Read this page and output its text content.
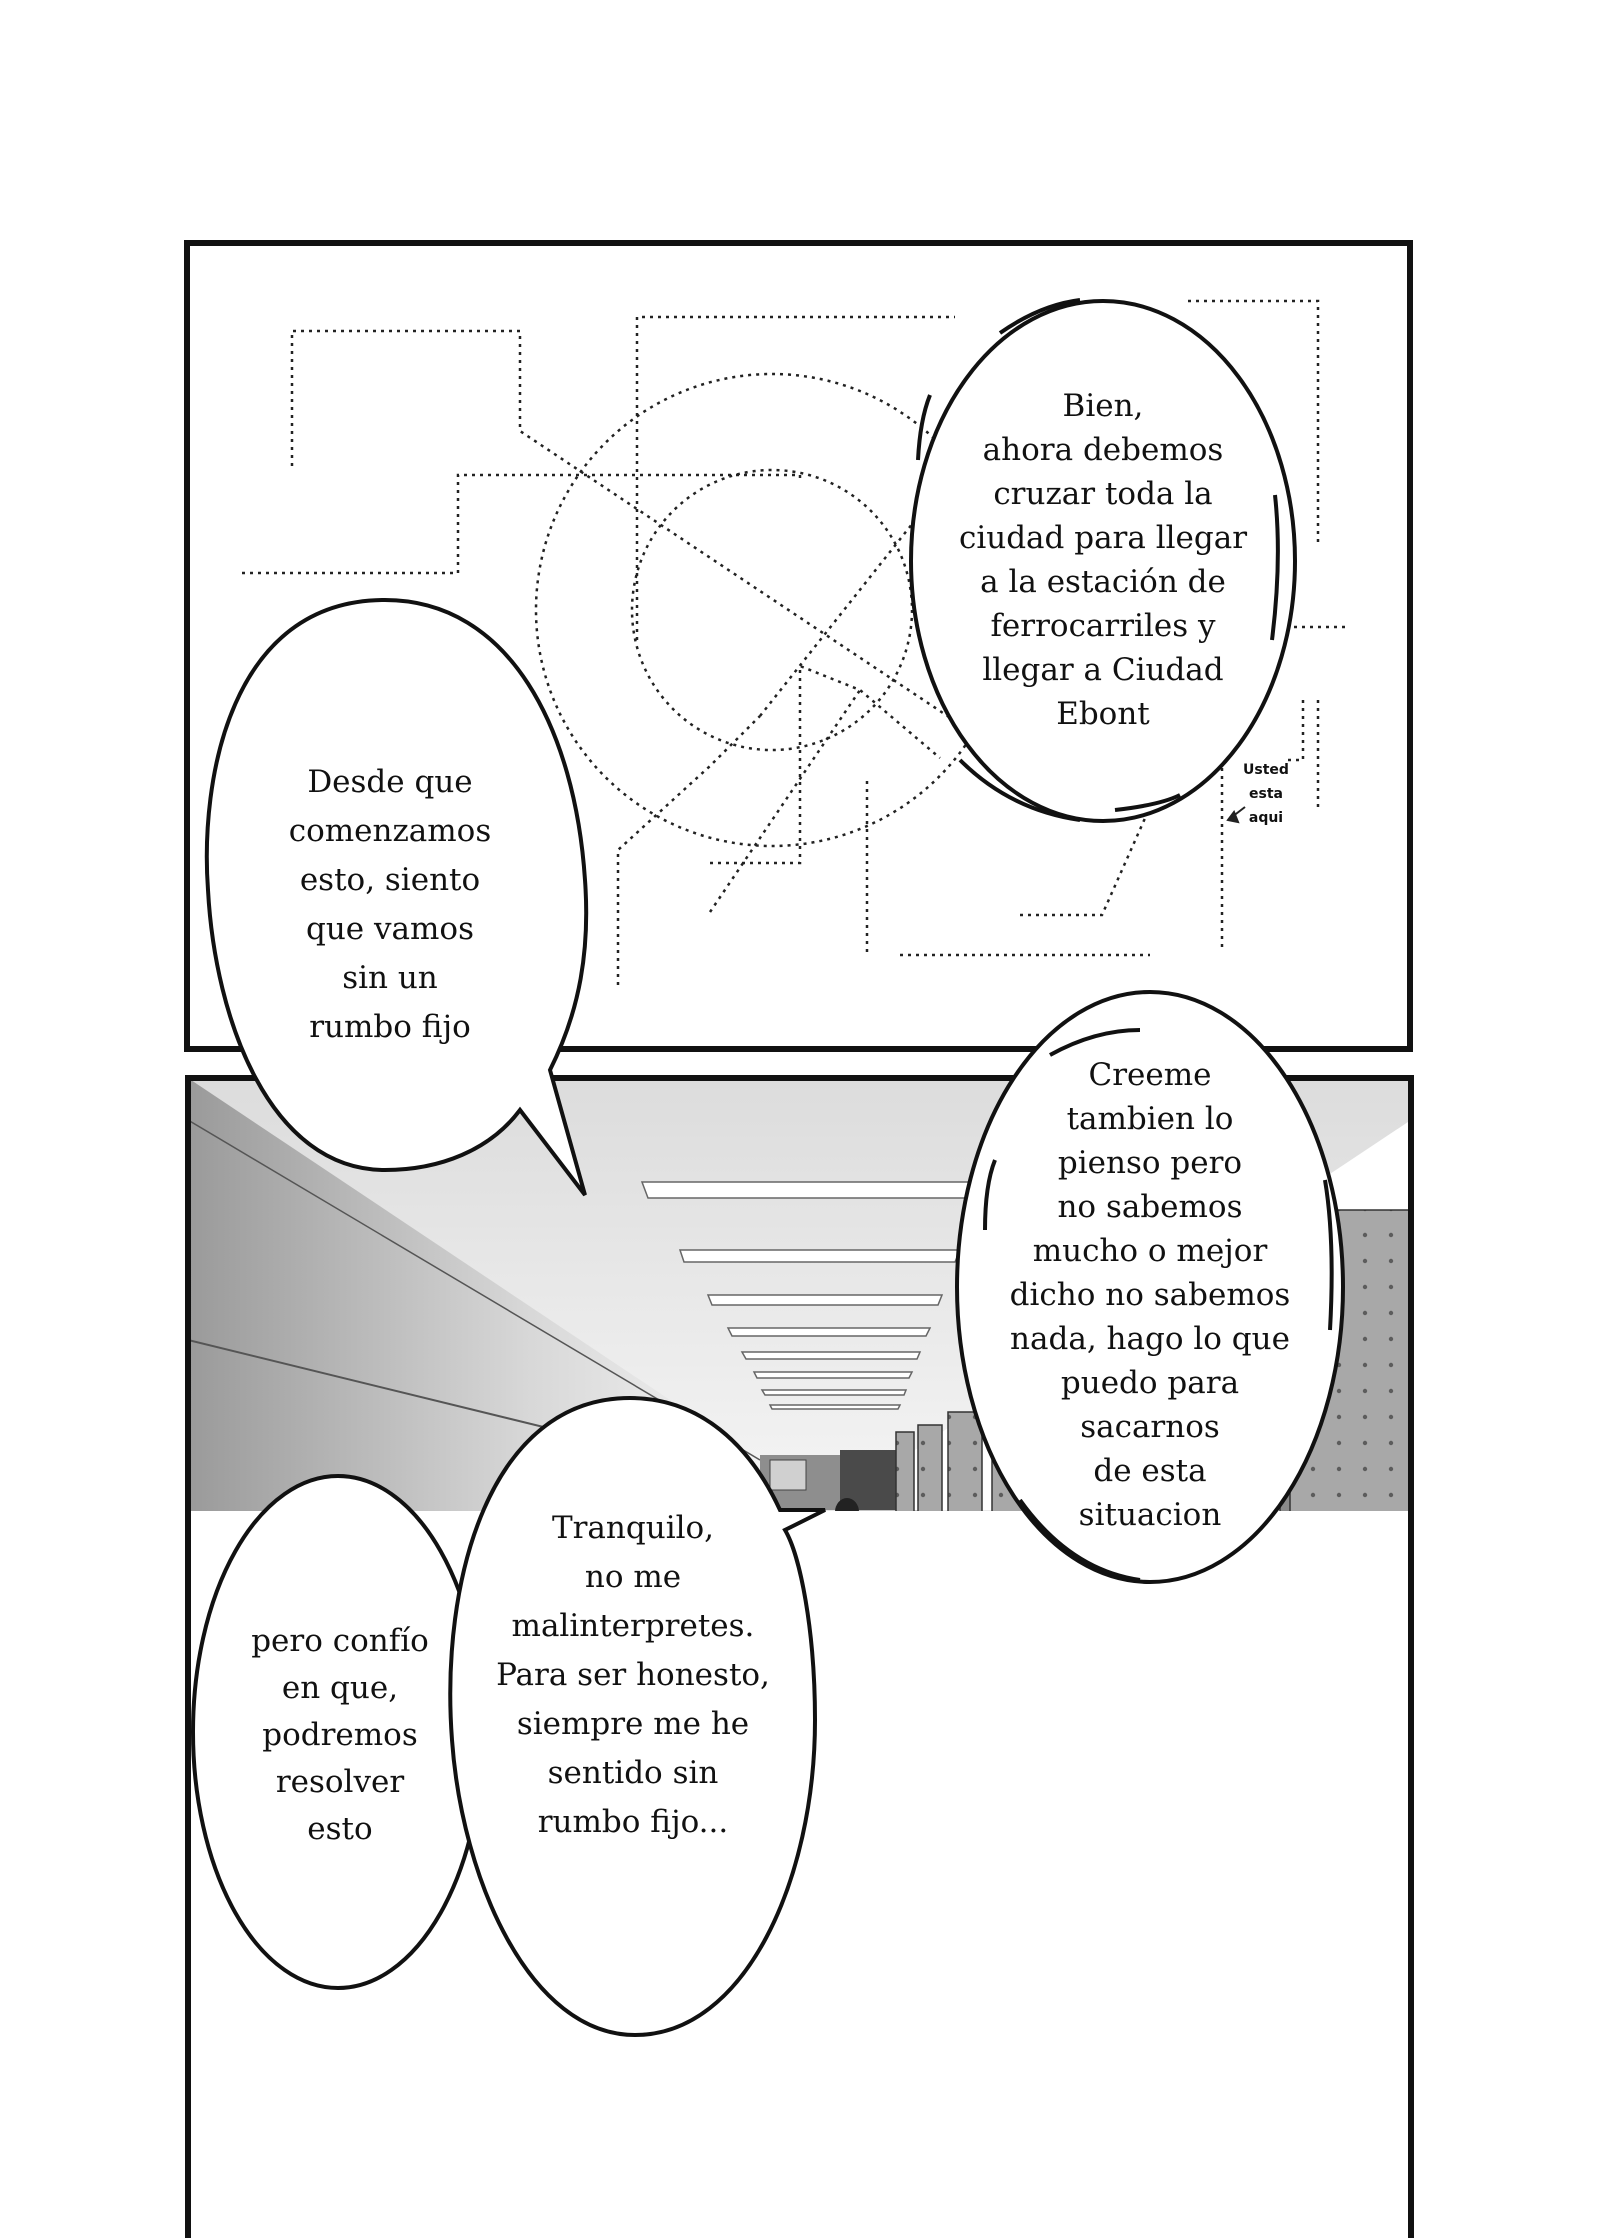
Usted
esta
aqui
Bien,
ahora debemos
cruzar toda la
ciudad para llegar
a la estación de
ferrocarriles y
llegar a Ciudad
Ebont
Desde que
comenzamos
esto, siento
que vamos
sin un
rumbo fijo
Creeme
tambien lo
pienso pero
no sabemos
mucho o mejor
dicho no sabemos
nada, hago lo que
puedo para
sacarnos
de esta
situacion
Tranquilo,
no me
malinterpretes.
Para ser honesto,
siempre me he
sentido sin
rumbo fijo...
pero confío
en que,
podremos
resolver
esto
